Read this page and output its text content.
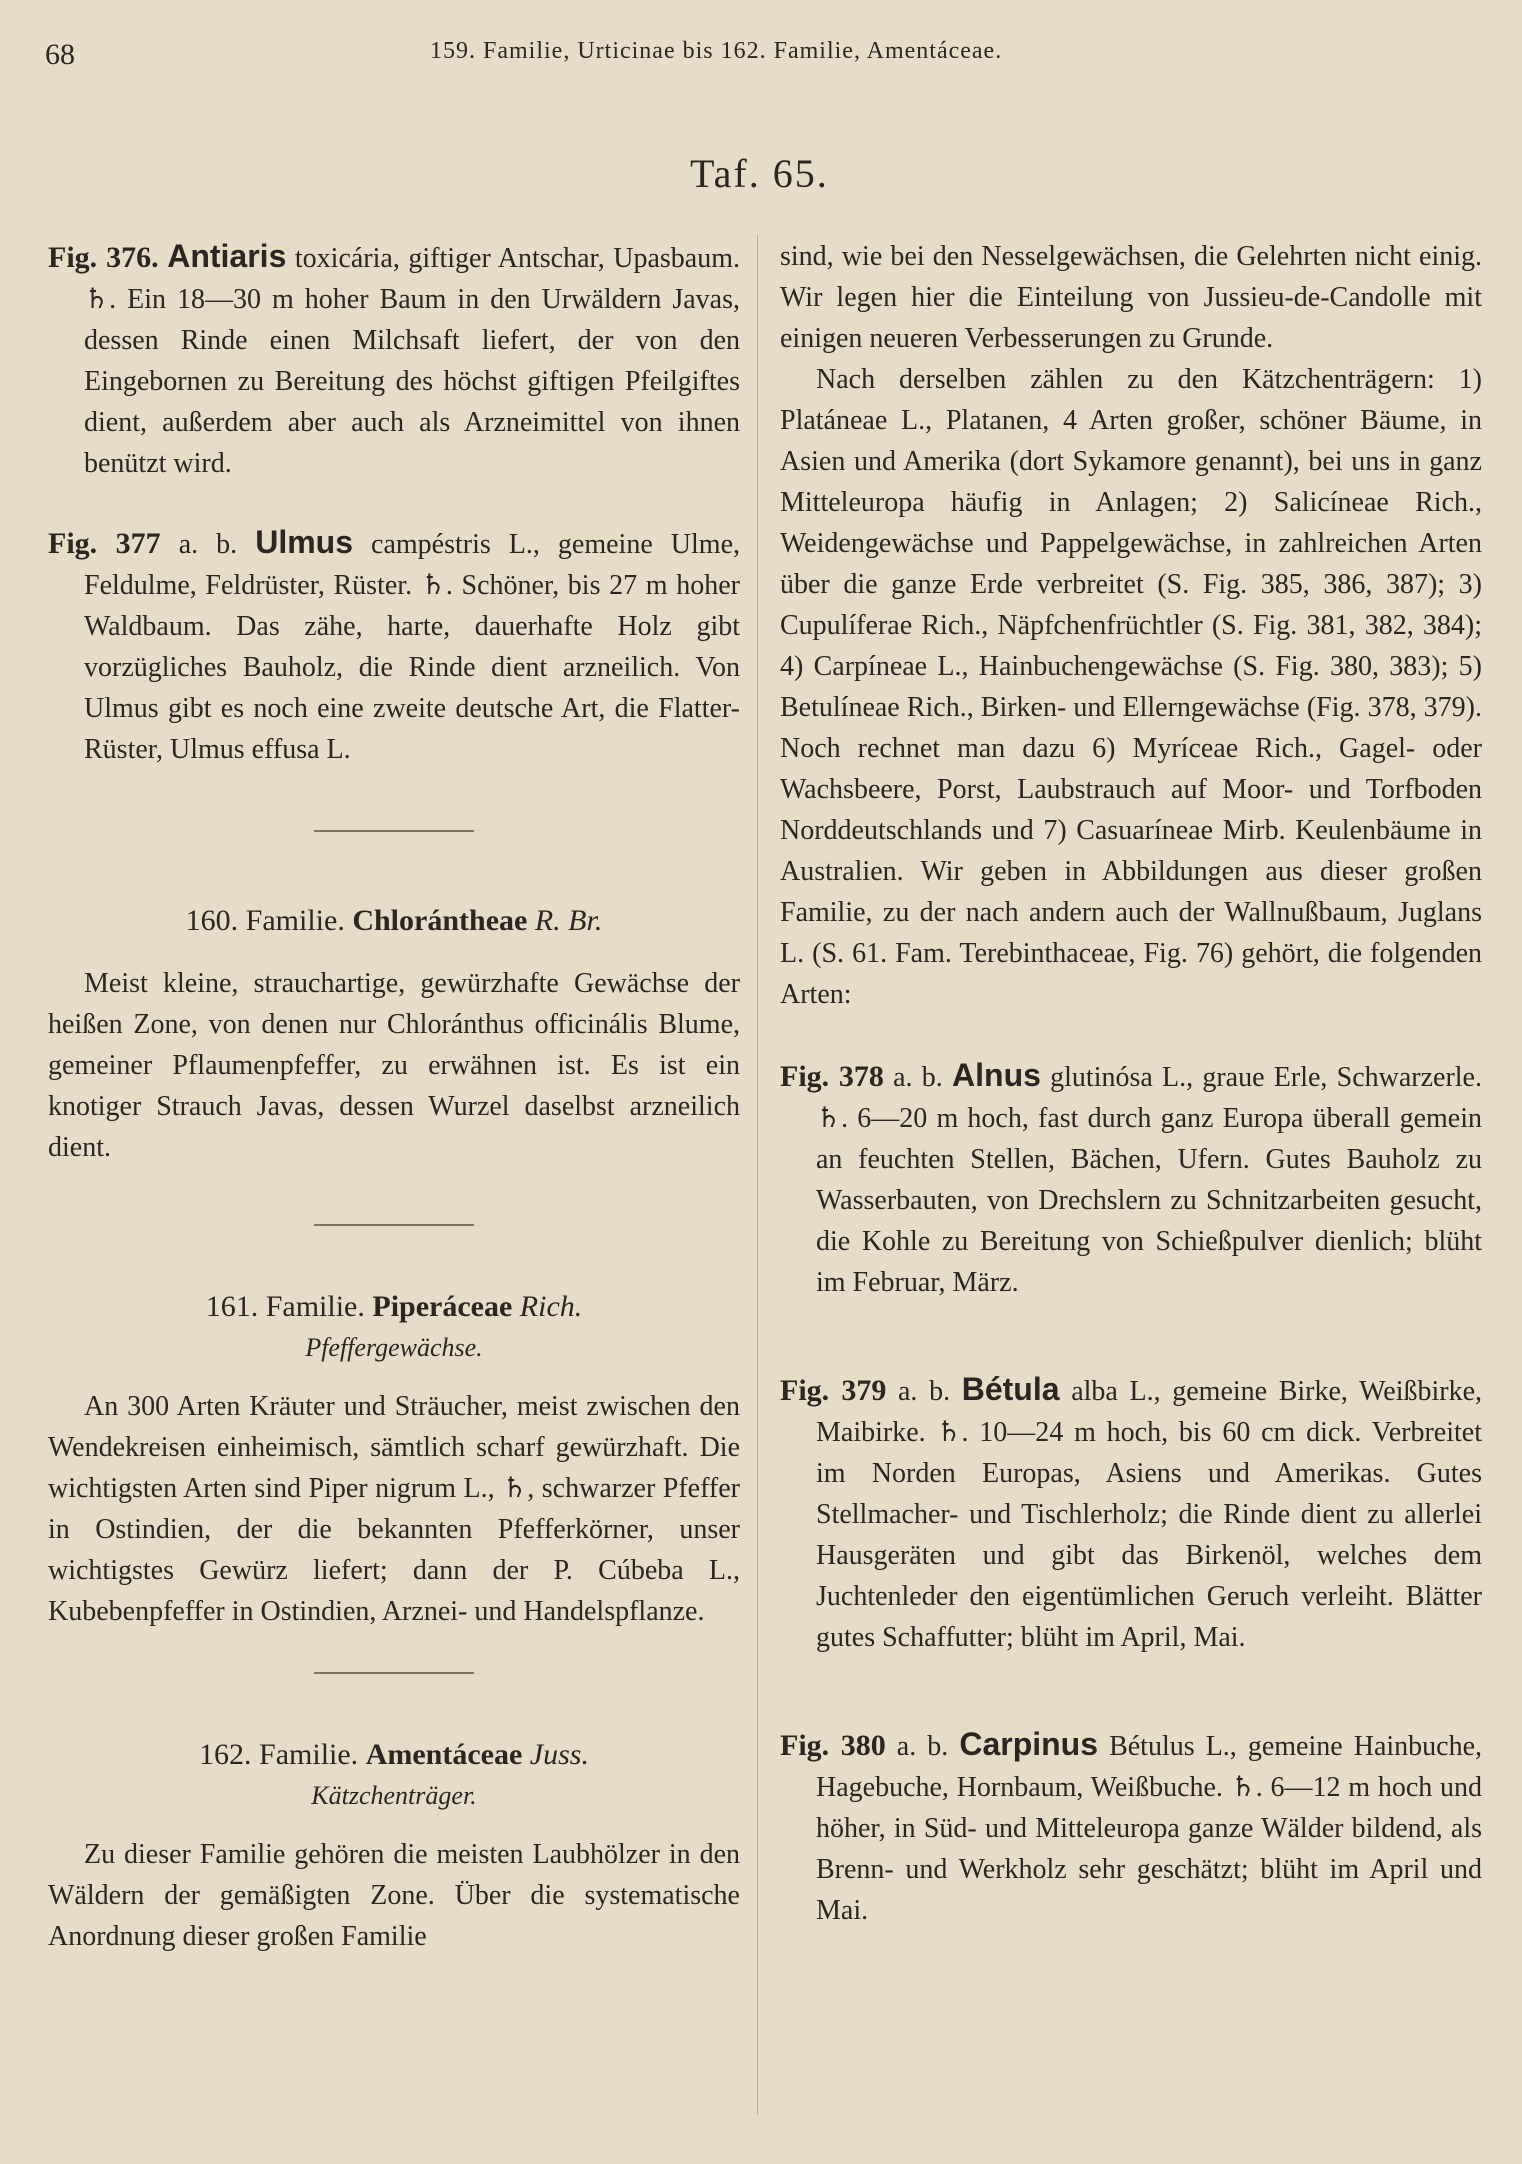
68	159. Familie, Urticinae bis 162. Familie, Amentáceae.
Taf. 65.

Fig. 376. Antiaris toxicária, giftiger Antschar, Upasbaum. ♄. Ein 18—30 m hoher Baum in den Urwäldern Javas, dessen Rinde einen Milchsaft liefert, der von den Eingebornen zu Bereitung des höchst giftigen Pfeilgiftes dient, außerdem aber auch als Arzneimittel von ihnen benützt wird.

Fig. 377 a. b. Ulmus campéstris L., gemeine Ulme, Feldulme, Feldrüster, Rüster. ♄. Schöner, bis 27 m hoher Waldbaum. Das zähe, harte, dauerhafte Holz gibt vorzügliches Bauholz, die Rinde dient arzneilich. Von Ulmus gibt es noch eine zweite deutsche Art, die Flatter-Rüster, Ulmus effusa L.

160. Familie. Chlorántheae R. Br.

Meist kleine, strauchartige, gewürzhafte Gewächse der heißen Zone, von denen nur Chloránthus officinális Blume, gemeiner Pflaumenpfeffer, zu erwähnen ist. Es ist ein knotiger Strauch Javas, dessen Wurzel daselbst arzneilich dient.

161. Familie. Piperáceae Rich.
Pfeffergewächse.

An 300 Arten Kräuter und Sträucher, meist zwischen den Wendekreisen einheimisch, sämtlich scharf gewürzhaft. Die wichtigsten Arten sind Piper nigrum L., ♄, schwarzer Pfeffer in Ostindien, der die bekannten Pfefferkörner, unser wichtigstes Gewürz liefert; dann der P. Cúbeba L., Kubebenpfeffer in Ostindien, Arznei- und Handelspflanze.

162. Familie. Amentáceae Juss.
Kätzchenträger.

Zu dieser Familie gehören die meisten Laubhölzer in den Wäldern der gemäßigten Zone. Über die systematische Anordnung dieser großen Familie

sind, wie bei den Nesselgewächsen, die Gelehrten nicht einig. Wir legen hier die Einteilung von Jussieu-de-Candolle mit einigen neueren Verbesserungen zu Grunde.

Nach derselben zählen zu den Kätzchenträgern: 1) Platáneae L., Platanen, 4 Arten großer, schöner Bäume, in Asien und Amerika (dort Sykamore genannt), bei uns in ganz Mitteleuropa häufig in Anlagen; 2) Salicíneae Rich., Weidengewächse und Pappelgewächse, in zahlreichen Arten über die ganze Erde verbreitet (S. Fig. 385, 386, 387); 3) Cupulíferae Rich., Näpfchenfrüchtler (S. Fig. 381, 382, 384); 4) Carpíneae L., Hainbuchengewächse (S. Fig. 380, 383); 5) Betulíneae Rich., Birken- und Ellerngewächse (Fig. 378, 379). Noch rechnet man dazu 6) Myríceae Rich., Gagel- oder Wachsbeere, Porst, Laubstrauch auf Moor- und Torfboden Norddeutschlands und 7) Casuaríneae Mirb. Keulenbäume in Australien. Wir geben in Abbildungen aus dieser großen Familie, zu der nach andern auch der Wallnußbaum, Juglans L. (S. 61. Fam. Terebinthaceae, Fig. 76) gehört, die folgenden Arten:

Fig. 378 a. b. Alnus glutinósa L., graue Erle, Schwarzerle. ♄. 6—20 m hoch, fast durch ganz Europa überall gemein an feuchten Stellen, Bächen, Ufern. Gutes Bauholz zu Wasserbauten, von Drechslern zu Schnitzarbeiten gesucht, die Kohle zu Bereitung von Schießpulver dienlich; blüht im Februar, März.

Fig. 379 a. b. Bétula alba L., gemeine Birke, Weißbirke, Maibirke. ♄. 10—24 m hoch, bis 60 cm dick. Verbreitet im Norden Europas, Asiens und Amerikas. Gutes Stellmacher- und Tischlerholz; die Rinde dient zu allerlei Hausgeräten und gibt das Birkenöl, welches dem Juchtenleder den eigentümlichen Geruch verleiht. Blätter gutes Schaffutter; blüht im April, Mai.

Fig. 380 a. b. Carpinus Bétulus L., gemeine Hainbuche, Hagebuche, Hornbaum, Weißbuche. ♄. 6—12 m hoch und höher, in Süd- und Mitteleuropa ganze Wälder bildend, als Brenn- und Werkholz sehr geschätzt; blüht im April und Mai.
